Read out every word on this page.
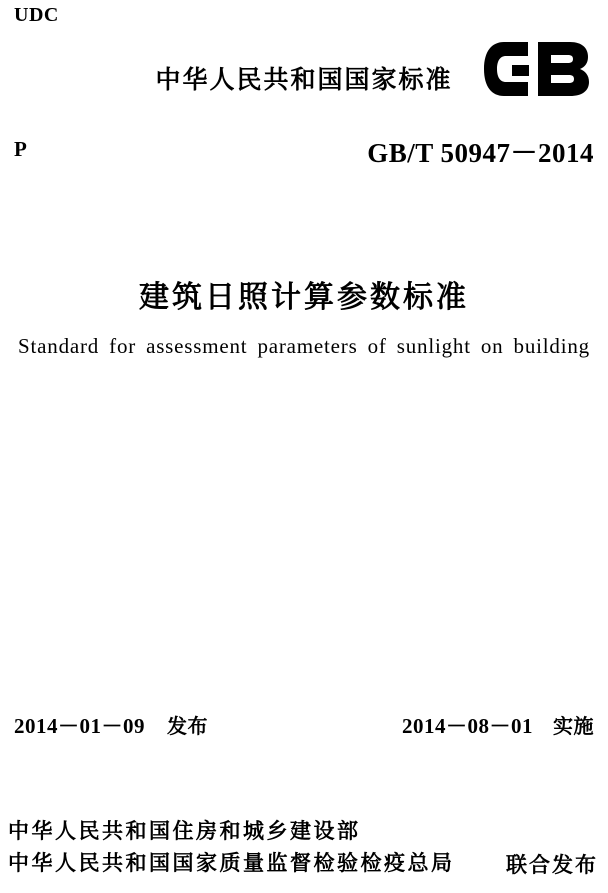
UDC
中华人民共和国国家标准
P	GB/T 50947－2014
建筑日照计算参数标准
Standard for assessment parameters of sunlight on building
2014－01－09 发布	2014－08－01 实施
中华人民共和国住房和城乡建设部
中华人民共和国国家质量监督检验检疫总局 联合发布
